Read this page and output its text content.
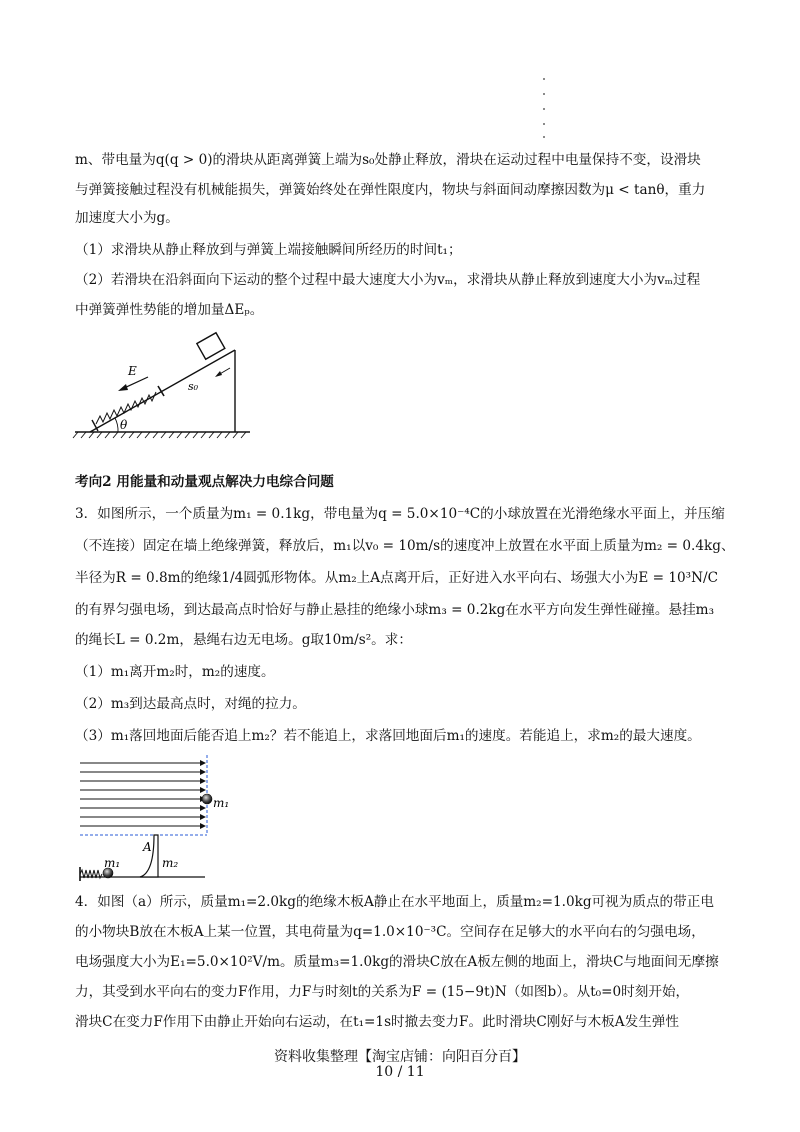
m、带电量为q(q > 0)的滑块从距离弹簧上端为s₀处静止释放，滑块在运动过程中电量保持不变，设滑块
与弹簧接触过程没有机械能损失，弹簧始终处在弹性限度内，物块与斜面间动摩擦因数为μ < tanθ，重力
加速度大小为g。
（1）求滑块从静止释放到与弹簧上端接触瞬间所经历的时间t₁；
（2）若滑块在沿斜面向下运动的整个过程中最大速度大小为vₘ，求滑块从静止释放到速度大小为vₘ过程
中弹簧弹性势能的增加量ΔEₚ。
θ
E
s₀
考向2 用能量和动量观点解决力电综合问题
3．如图所示，一个质量为m₁ = 0.1kg，带电量为q = 5.0×10⁻⁴C的小球放置在光滑绝缘水平面上，并压缩
（不连接）固定在墙上绝缘弹簧，释放后，m₁以v₀ = 10m/s的速度冲上放置在水平面上质量为m₂ = 0.4kg、
半径为R = 0.8m的绝缘1/4圆弧形物体。从m₂上A点离开后，正好进入水平向右、场强大小为E = 10³N/C
的有界匀强电场，到达最高点时恰好与静止悬挂的绝缘小球m₃ = 0.2kg在水平方向发生弹性碰撞。悬挂m₃
的绳长L = 0.2m，悬绳右边无电场。g取10m/s²。求：
（1）m₁离开m₂时，m₂的速度。
（2）m₃到达最高点时，对绳的拉力。
（3）m₁落回地面后能否追上m₂？若不能追上，求落回地面后m₁的速度。若能追上，求m₂的最大速度。
m₁
m₁
A
m₂
4．如图（a）所示，质量m₁=2.0kg的绝缘木板A静止在水平地面上，质量m₂=1.0kg可视为质点的带正电
的小物块B放在木板A上某一位置，其电荷量为q=1.0×10⁻³C。空间存在足够大的水平向右的匀强电场，
电场强度大小为E₁=5.0×10²V/m。质量m₃=1.0kg的滑块C放在A板左侧的地面上，滑块C与地面间无摩擦
力，其受到水平向右的变力F作用，力F与时刻t的关系为F = (15−9t)N（如图b）。从t₀=0时刻开始，
滑块C在变力F作用下由静止开始向右运动，在t₁=1s时撤去变力F。此时滑块C刚好与木板A发生弹性
资料收集整理【淘宝店铺：向阳百分百】
10 / 11
